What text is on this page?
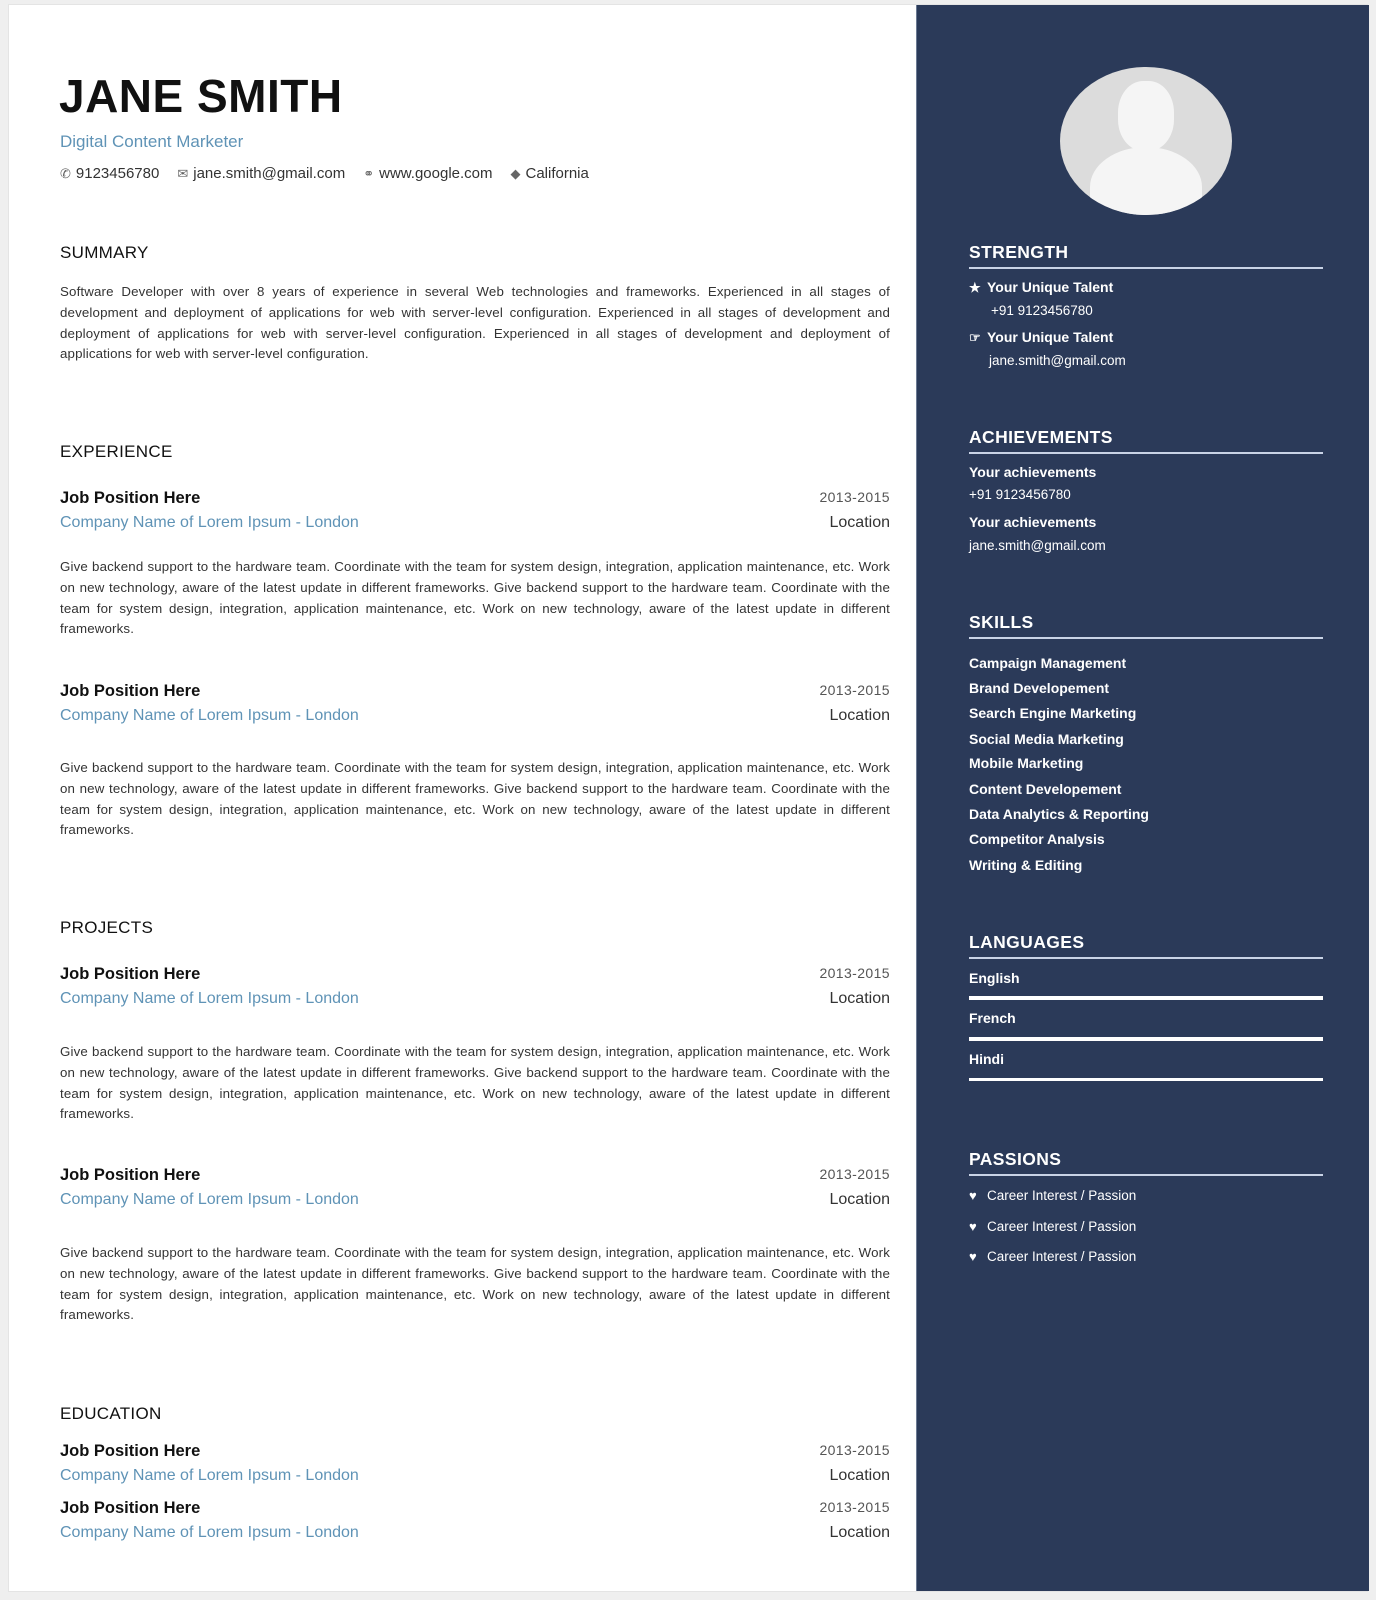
JANE SMITH
Digital Content Marketer
✆ 9123456780 ✉ jane.smith@gmail.com ⚭ www.google.com ◆ California
SUMMARY
Software Developer with over 8 years of experience in several Web technologies and frameworks. Experienced in all stages of development and deployment of applications for web with server-level configuration. Experienced in all stages of development and deployment of applications for web with server-level configuration. Experienced in all stages of development and deployment of applications for web with server-level configuration.
EXPERIENCE
Job Position Here
Company Name of Lorem Ipsum - London
2013-2015
Location
Give backend support to the hardware team. Coordinate with the team for system design, integration, application maintenance, etc. Work on new technology, aware of the latest update in different frameworks. Give backend support to the hardware team. Coordinate with the team for system design, integration, application maintenance, etc. Work on new technology, aware of the latest update in different frameworks.
Job Position Here
Company Name of Lorem Ipsum - London
2013-2015
Location
Give backend support to the hardware team. Coordinate with the team for system design, integration, application maintenance, etc. Work on new technology, aware of the latest update in different frameworks. Give backend support to the hardware team. Coordinate with the team for system design, integration, application maintenance, etc. Work on new technology, aware of the latest update in different frameworks.
PROJECTS
Job Position Here
Company Name of Lorem Ipsum - London
2013-2015
Location
Give backend support to the hardware team. Coordinate with the team for system design, integration, application maintenance, etc. Work on new technology, aware of the latest update in different frameworks. Give backend support to the hardware team. Coordinate with the team for system design, integration, application maintenance, etc. Work on new technology, aware of the latest update in different frameworks.
Job Position Here
Company Name of Lorem Ipsum - London
2013-2015
Location
Give backend support to the hardware team. Coordinate with the team for system design, integration, application maintenance, etc. Work on new technology, aware of the latest update in different frameworks. Give backend support to the hardware team. Coordinate with the team for system design, integration, application maintenance, etc. Work on new technology, aware of the latest update in different frameworks.
EDUCATION
Job Position Here
Company Name of Lorem Ipsum - London
2013-2015
Location
Job Position Here
Company Name of Lorem Ipsum - London
2013-2015
Location
STRENGTH
★ Your Unique Talent
+91 9123456780
☞ Your Unique Talent
jane.smith@gmail.com
ACHIEVEMENTS
Your achievements
+91 9123456780
Your achievements
jane.smith@gmail.com
SKILLS
Campaign Management
Brand Developement
Search Engine Marketing
Social Media Marketing
Mobile Marketing
Content Developement
Data Analytics & Reporting
Competitor Analysis
Writing & Editing
LANGUAGES
English
French
Hindi
PASSIONS
♥ Career Interest / Passion
♥ Career Interest / Passion
♥ Career Interest / Passion
